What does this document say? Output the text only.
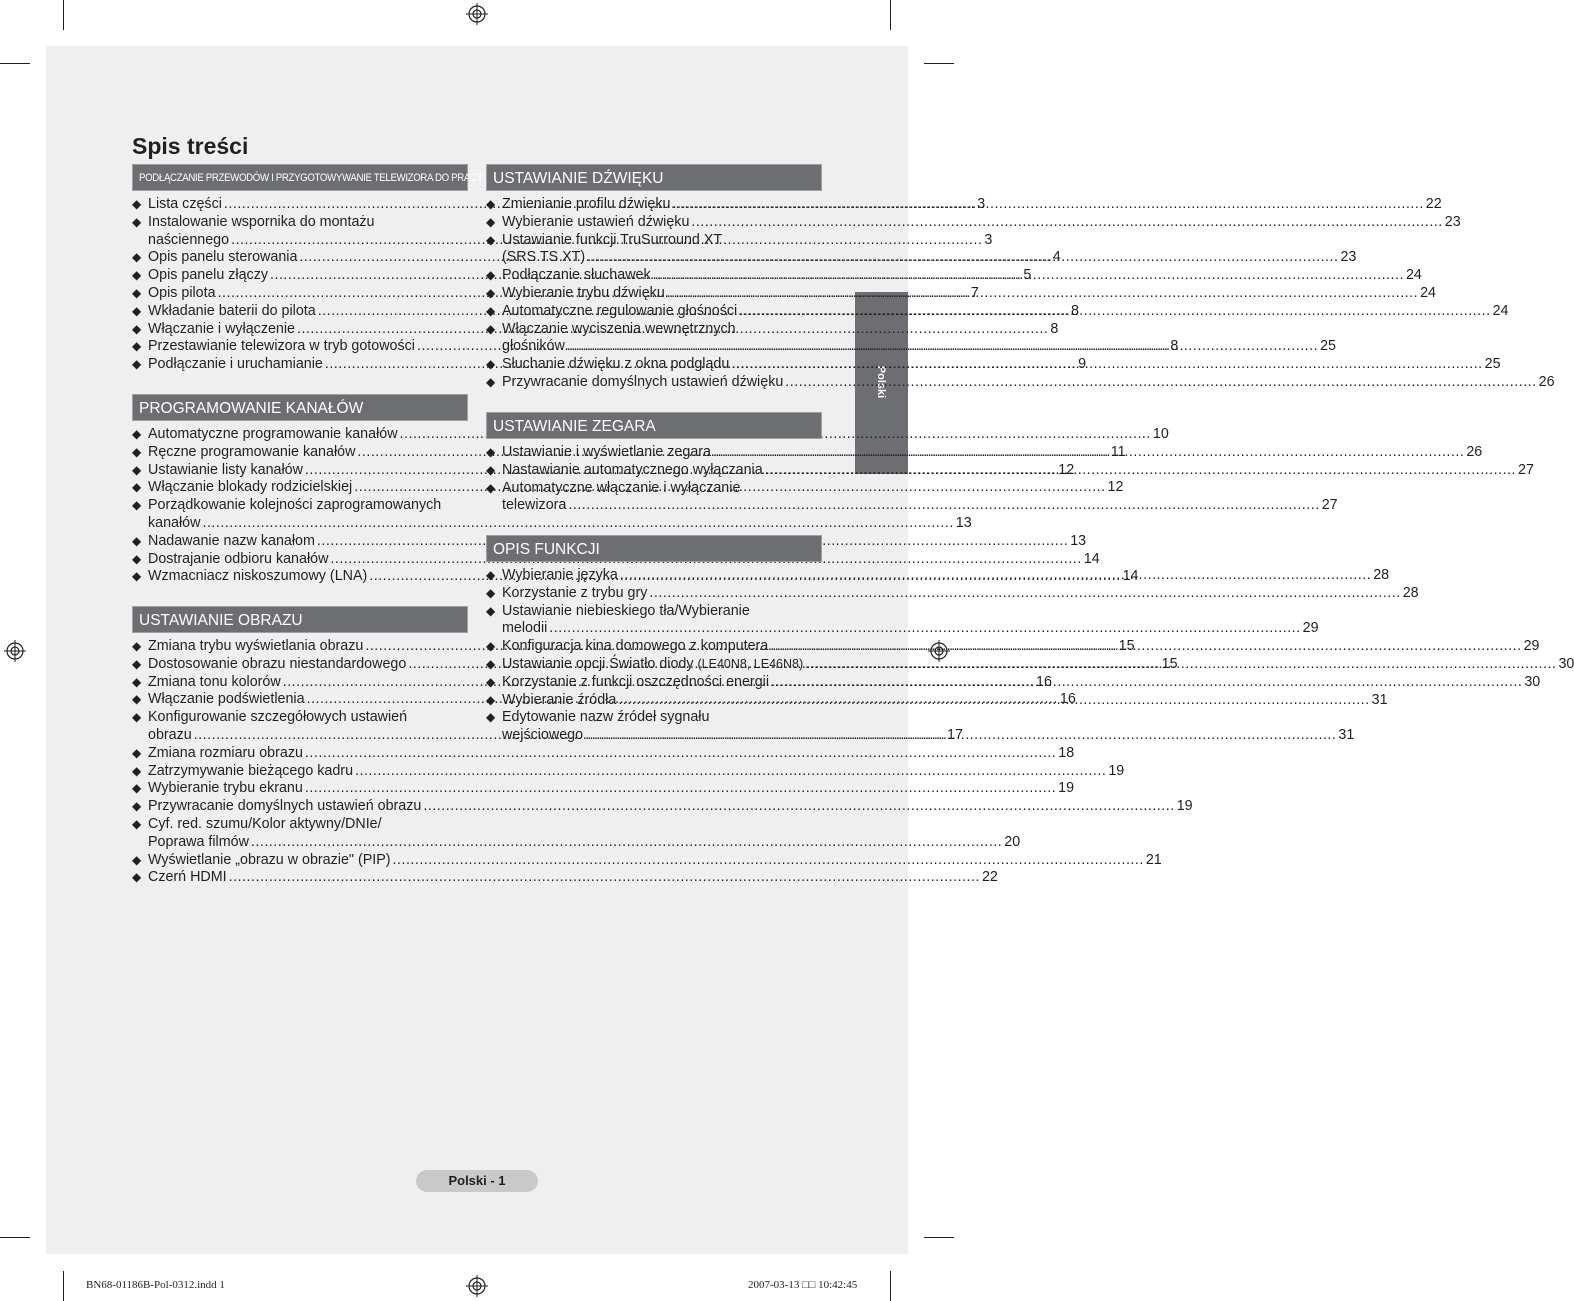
Spis treści
Polski
PODŁĄCZANIE PRZEWODÓW I PRZYGOTOWYWANIE TELEWIZORA DO PRACY
◆ Lista części .....	3
◆ Instalowanie wspornika do montażu
naściennego .....	3
◆ Opis panelu sterowania .....	4
◆ Opis panelu złączy .....	5
◆ Opis pilota .....	7
◆ Wkładanie baterii do pilota .....	8
◆ Włączanie i wyłączenie .....	8
◆ Przestawianie telewizora w tryb gotowości .....	8
◆ Podłączanie i uruchamianie .....	9
PROGRAMOWANIE KANAŁÓW
◆ Automatyczne programowanie kanałów .....	10
◆ Ręczne programowanie kanałów .....	11
◆ Ustawianie listy kanałów .....	12
◆ Włączanie blokady rodzicielskiej .....	12
◆ Porządkowanie kolejności zaprogramowanych
kanałów .....	13
◆ Nadawanie nazw kanałom .....	13
◆ Dostrajanie odbioru kanałów .....	14
◆ Wzmacniacz niskoszumowy (LNA) .....	14
USTAWIANIE OBRAZU
◆ Zmiana trybu wyświetlania obrazu .....	15
◆ Dostosowanie obrazu niestandardowego .....	15
◆ Zmiana tonu kolorów .....	16
◆ Włączanie podświetlenia .....	16
◆ Konfigurowanie szczegółowych ustawień
obrazu .....	17
◆ Zmiana rozmiaru obrazu .....	18
◆ Zatrzymywanie bieżącego kadru .....	19
◆ Wybieranie trybu ekranu .....	19
◆ Przywracanie domyślnych ustawień obrazu .....	19
◆ Cyf. red. szumu/Kolor aktywny/DNIe/
Poprawa filmów .....	20
◆ Wyświetlanie „obrazu w obrazie" (PIP) .....	21
◆ Czerń HDMI .....	22
USTAWIANIE DŹWIĘKU
◆ Zmienianie profilu dźwięku .....	22
◆ Wybieranie ustawień dźwięku .....	23
◆ Ustawianie funkcji TruSurround XT
(SRS TS XT) .....	23
◆ Podłączanie słuchawek .....	24
◆ Wybieranie trybu dźwięku .....	24
◆ Automatyczne regulowanie głośności .....	24
◆ Włączanie wyciszenia wewnętrznych
głośników .....	25
◆ Słuchanie dźwięku z okna podglądu .....	25
◆ Przywracanie domyślnych ustawień dźwięku .....	26
USTAWIANIE ZEGARA
◆ Ustawianie i wyświetlanie zegara .....	26
◆ Nastawianie automatycznego wyłączania .....	27
◆ Automatyczne włączanie i wyłączanie
telewizora .....	27
OPIS FUNKCJI
◆ Wybieranie języka .....	28
◆ Korzystanie z trybu gry .....	28
◆ Ustawianie niebieskiego tła/Wybieranie
melodii .....	29
◆ Konfiguracja kina domowego z komputera .....	29
◆ Ustawianie opcji Światło diody (LE40N8, LE46N8) .....	30
◆ Korzystanie z funkcji oszczędności energii .....	30
◆ Wybieranie źródła .....	31
◆ Edytowanie nazw źródeł sygnału
wejściowego .....	31
Polski - 1
BN68-01186B-Pol-0312.indd 1	2007-03-13 □□ 10:42:45
